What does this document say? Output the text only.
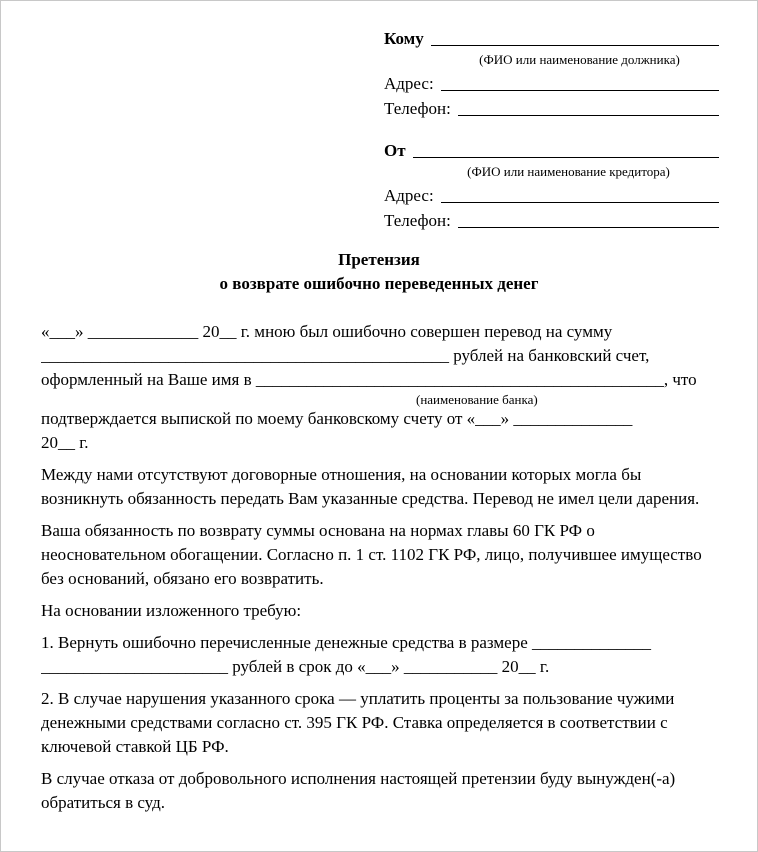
Кому
(ФИО или наименование должника)
Адрес:
Телефон:
От
(ФИО или наименование кредитора)
Адрес:
Телефон:
Претензия
о возврате ошибочно переведенных денег
«___» _____________ 20__ г. мною был ошибочно совершен перевод на сумму
________________________________________________ рублей на банковский счет,
оформленный на Ваше имя в ________________________________________________, что
(наименование банка)
подтверждается выпиской по моему банковскому счету от «___» ______________
20__ г.
Между нами отсутствуют договорные отношения, на основании которых могла бы возникнуть обязанность передать Вам указанные средства. Перевод не имел цели дарения.
Ваша обязанность по возврату суммы основана на нормах главы 60 ГК РФ о неосновательном обогащении. Согласно п. 1 ст. 1102 ГК РФ, лицо, получившее имущество без оснований, обязано его возвратить.
На основании изложенного требую:
1. Вернуть ошибочно перечисленные денежные средства в размере ______________
______________________ рублей в срок до «___» ___________ 20__ г.
2. В случае нарушения указанного срока — уплатить проценты за пользование чужими денежными средствами согласно ст. 395 ГК РФ. Ставка определяется в соответствии с ключевой ставкой ЦБ РФ.
В случае отказа от добровольного исполнения настоящей претензии буду вынужден(-а) обратиться в суд.
